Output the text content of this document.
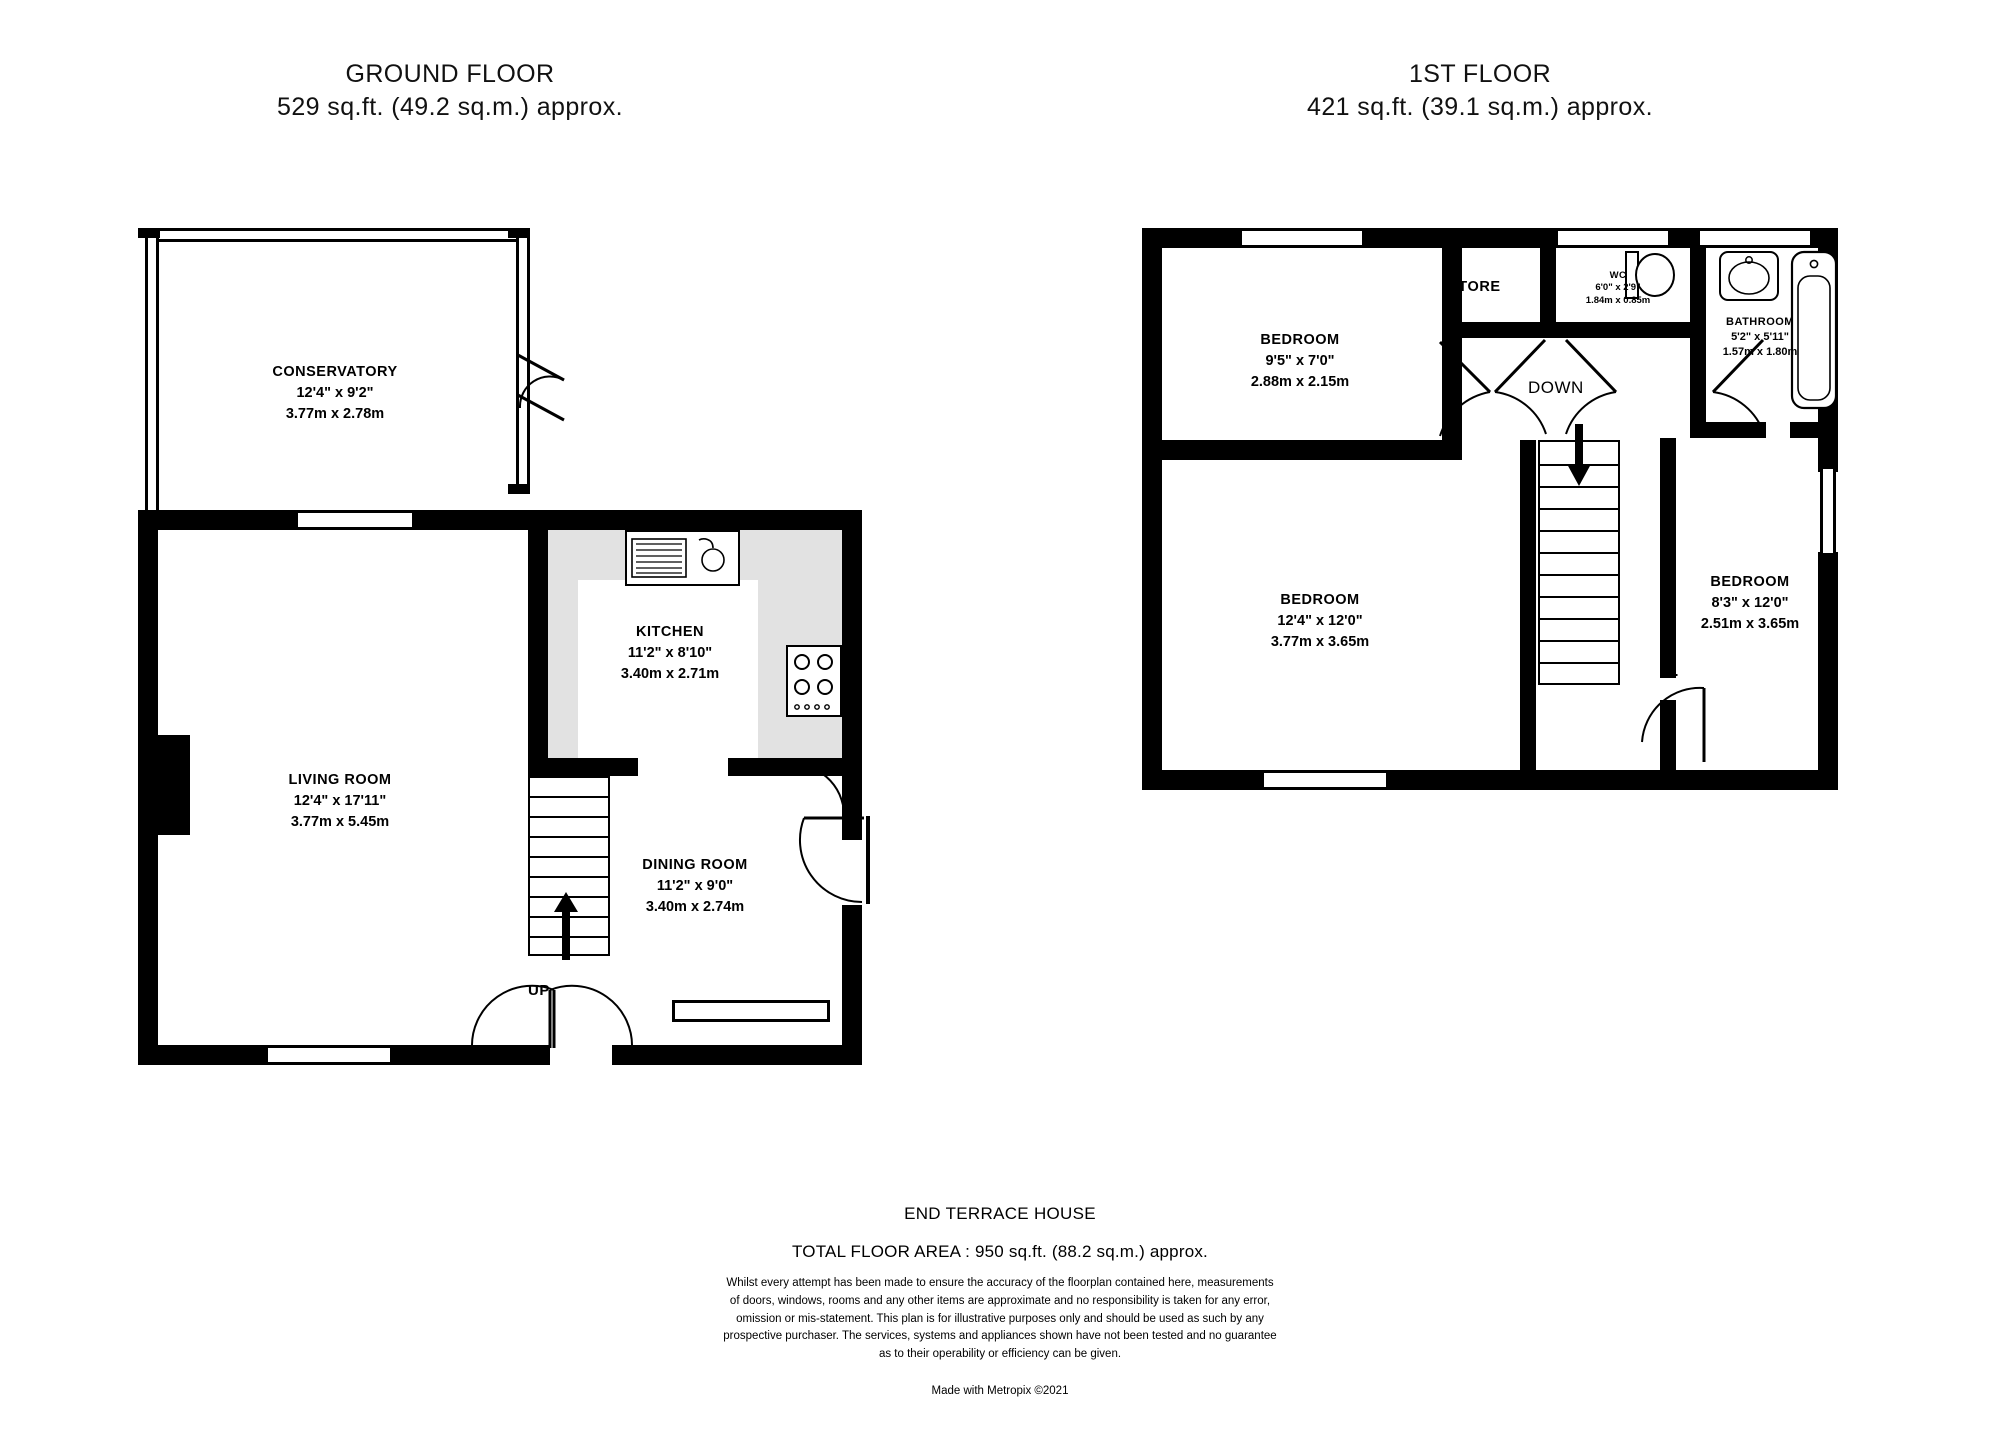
GROUND FLOOR
529 sq.ft. (49.2 sq.m.) approx.
1ST FLOOR
421 sq.ft. (39.1 sq.m.) approx.
CONSERVATORY
12'4" x 9'2"
3.77m x 2.78m
KITCHEN
11'2" x 8'10"
3.40m x 2.71m
LIVING ROOM
12'4" x 17'11"
3.77m x 5.45m
DINING ROOM
11'2" x 9'0"
3.40m x 2.74m
UP
DOWN
BEDROOM
9'5" x 7'0"
2.88m x 2.15m
BEDROOM
12'4" x 12'0"
3.77m x 3.65m
BEDROOM
8'3" x 12'0"
2.51m x 3.65m
BATHROOM
5'2" x 5'11"
1.57m x 1.80m
WC
6'0" x 2'9"
1.84m x 0.85m
STORE
END TERRACE HOUSE
TOTAL FLOOR AREA : 950 sq.ft. (88.2 sq.m.) approx.
Whilst every attempt has been made to ensure the accuracy of the floorplan contained here, measurements
of doors, windows, rooms and any other items are approximate and no responsibility is taken for any error,
omission or mis-statement. This plan is for illustrative purposes only and should be used as such by any
prospective purchaser. The services, systems and appliances shown have not been tested and no guarantee
as to their operability or efficiency can be given.
Made with Metropix ©2021
